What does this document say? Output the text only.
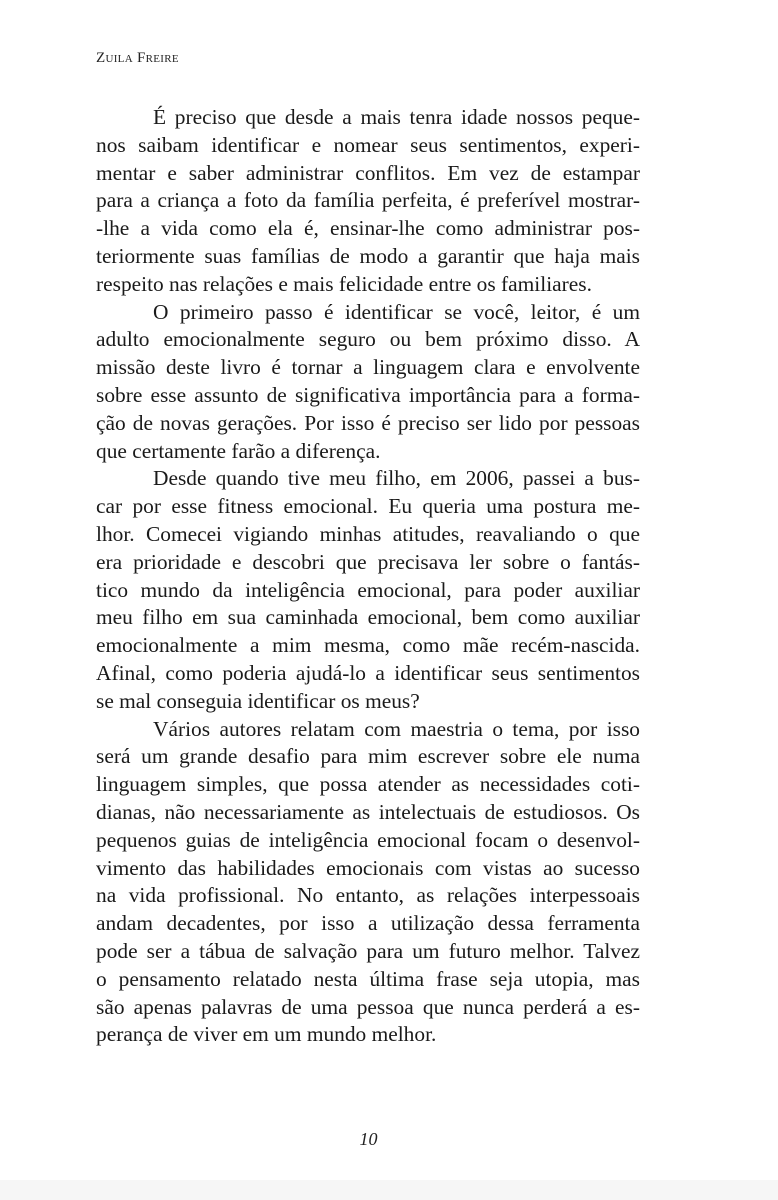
Zuila Freire
É preciso que desde a mais tenra idade nossos peque-
nos saibam identificar e nomear seus sentimentos, experi-
mentar e saber administrar conflitos. Em vez de estampar
para a criança a foto da família perfeita, é preferível mostrar-
-lhe a vida como ela é, ensinar-lhe como administrar pos-
teriormente suas famílias de modo a garantir que haja mais
respeito nas relações e mais felicidade entre os familiares.
O primeiro passo é identificar se você, leitor, é um
adulto emocionalmente seguro ou bem próximo disso. A
missão deste livro é tornar a linguagem clara e envolvente
sobre esse assunto de significativa importância para a forma-
ção de novas gerações. Por isso é preciso ser lido por pessoas
que certamente farão a diferença.
Desde quando tive meu filho, em 2006, passei a bus-
car por esse fitness emocional. Eu queria uma postura me-
lhor. Comecei vigiando minhas atitudes, reavaliando o que
era prioridade e descobri que precisava ler sobre o fantás-
tico mundo da inteligência emocional, para poder auxiliar
meu filho em sua caminhada emocional, bem como auxiliar
emocionalmente a mim mesma, como mãe recém-nascida.
Afinal, como poderia ajudá-lo a identificar seus sentimentos
se mal conseguia identificar os meus?
Vários autores relatam com maestria o tema, por isso
será um grande desafio para mim escrever sobre ele numa
linguagem simples, que possa atender as necessidades coti-
dianas, não necessariamente as intelectuais de estudiosos. Os
pequenos guias de inteligência emocional focam o desenvol-
vimento das habilidades emocionais com vistas ao sucesso
na vida profissional. No entanto, as relações interpessoais
andam decadentes, por isso a utilização dessa ferramenta
pode ser a tábua de salvação para um futuro melhor. Talvez
o pensamento relatado nesta última frase seja utopia, mas
são apenas palavras de uma pessoa que nunca perderá a es-
perança de viver em um mundo melhor.
10
